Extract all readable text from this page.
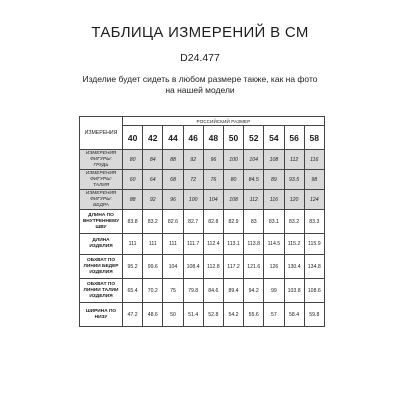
ТАБЛИЦА ИЗМЕРЕНИЙ В СМ
D24.477
Изделие будет сидеть в любом размере также, как на фото на нашей модели
ИЗМЕРЕНИЯ	РОССИЙСКИЙ РАЗМЕР									
	40	42	44	46	48	50	52	54	56	58
ИЗМЕРЕНИЯ ФИГУРЫ: ГРУДЬ	80	84	88	92	96	100	104	108	112	116
ИЗМЕРЕНИЯ ФИГУРЫ: ТАЛИЯ	60	64	68	72	76	80	84.5	89	93.5	98
ИЗМЕРЕНИЯ ФИГУРЫ: БЕДРА	88	92	96	100	104	108	112	116	120	124
ДЛИНА ПО ВНУТРЕННЕМУ ШВУ	83.8	83.2	82.6	82.7	82.8	82.9	83	83.1	83.2	83.3
ДЛИНА ИЗДЕЛИЯ	111	111	111	111.7	112.4	113.1	113.8	114.5	115.2	115.9
ОБХВАТ ПО ЛИНИИ БЕДЕР ИЗДЕЛИЯ	95.2	99.6	104	108.4	112.8	117.2	121.6	126	130.4	134.8
ОБХВАТ ПО ЛИНИИ ТАЛИИ ИЗДЕЛИЯ	65.4	70.2	75	79.8	84.6	89.4	94.2	99	103.8	108.6
ШИРИНА ПО НИЗУ	47.2	48.6	50	51.4	52.8	54.2	55.6	57	58.4	59.8
